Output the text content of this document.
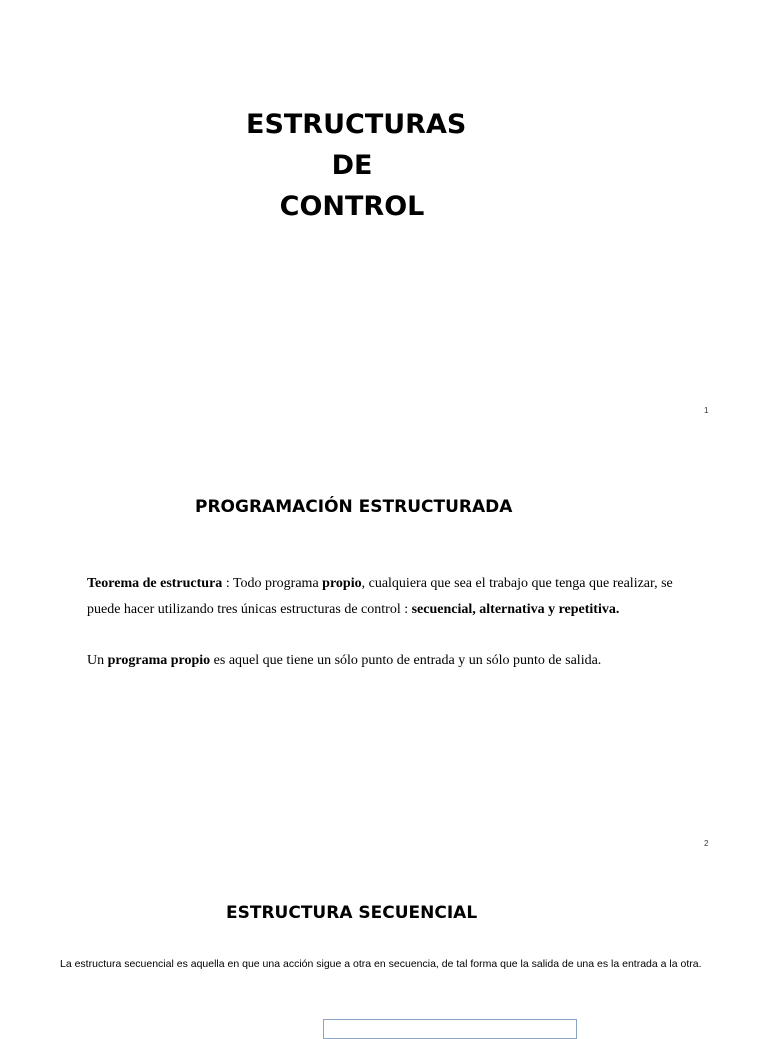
ESTRUCTURAS
DE
CONTROL
1
PROGRAMACIÓN ESTRUCTURADA

Teorema de estructura : Todo programa propio, cualquiera que sea el trabajo que tenga que realizar, se puede hacer utilizando tres únicas estructuras de control : secuencial, alternativa y repetitiva.

Un programa propio es aquel que tiene un sólo punto de entrada y un sólo punto de salida.

2
ESTRUCTURA SECUENCIAL
La estructura secuencial es aquella en que una acción sigue a otra en secuencia, de tal forma que la salida de una es la entrada a la otra.
